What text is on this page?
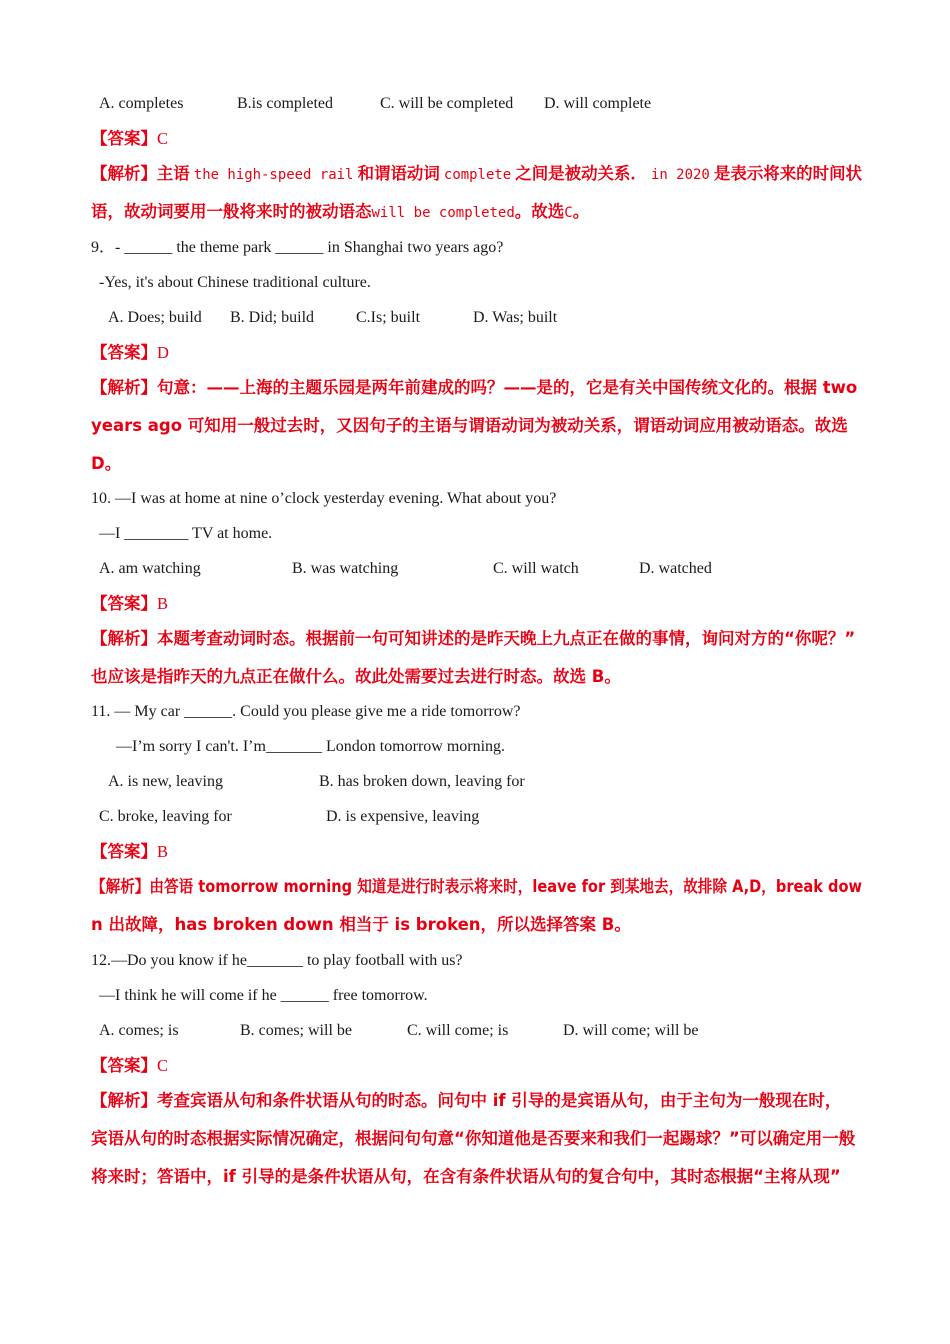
A. completes	B.is completed	C. will be completed D. will complete
【答案】C
【解析】主语 the high-speed rail 和谓语动词 complete 之间是被动关系． in 2020 是表示将来的时间状
语，故动词要用一般将来时的被动语态will be completed。故选C。
9．- ______ the theme park ______ in Shanghai two years ago?
-Yes, it's about Chinese traditional culture.
A. Does; build B. Did; build	C.Is; built	D. Was; built
【答案】D
【解析】句意：——上海的主题乐园是两年前建成的吗？——是的，它是有关中国传统文化的。根据 two
years ago 可知用一般过去时，又因句子的主语与谓语动词为被动关系，谓语动词应用被动语态。故选
D。
10. —I was at home at nine o’clock yesterday evening. What about you?
—I ________ TV at home.
A. am watching	B. was watching	C. will watch	D. watched
【答案】B
【解析】本题考查动词时态。根据前一句可知讲述的是昨天晚上九点正在做的事情，询问对方的“你呢？”
也应该是指昨天的九点正在做什么。故此处需要过去进行时态。故选 B。
11. — My car ______. Could you please give me a ride tomorrow?
—I’m sorry I can't. I’m_______ London tomorrow morning.
A. is new, leaving	B. has broken down, leaving for
C. broke, leaving for	D. is expensive, leaving
【答案】B
【解析】由答语 tomorrow morning 知道是进行时表示将来时，leave for 到某地去，故排除 A,D，break dow
n 出故障，has broken down 相当于 is broken，所以选择答案 B。
12.—Do you know if he_______ to play football with us?
—I think he will come if he ______ free tomorrow.
A. comes; is	B. comes; will be	C. will come; is	D. will come; will be
【答案】C
【解析】考查宾语从句和条件状语从句的时态。问句中 if 引导的是宾语从句，由于主句为一般现在时，
宾语从句的时态根据实际情况确定，根据问句句意“你知道他是否要来和我们一起踢球？”可以确定用一般
将来时；答语中，if 引导的是条件状语从句，在含有条件状语从句的复合句中，其时态根据“主将从现”
